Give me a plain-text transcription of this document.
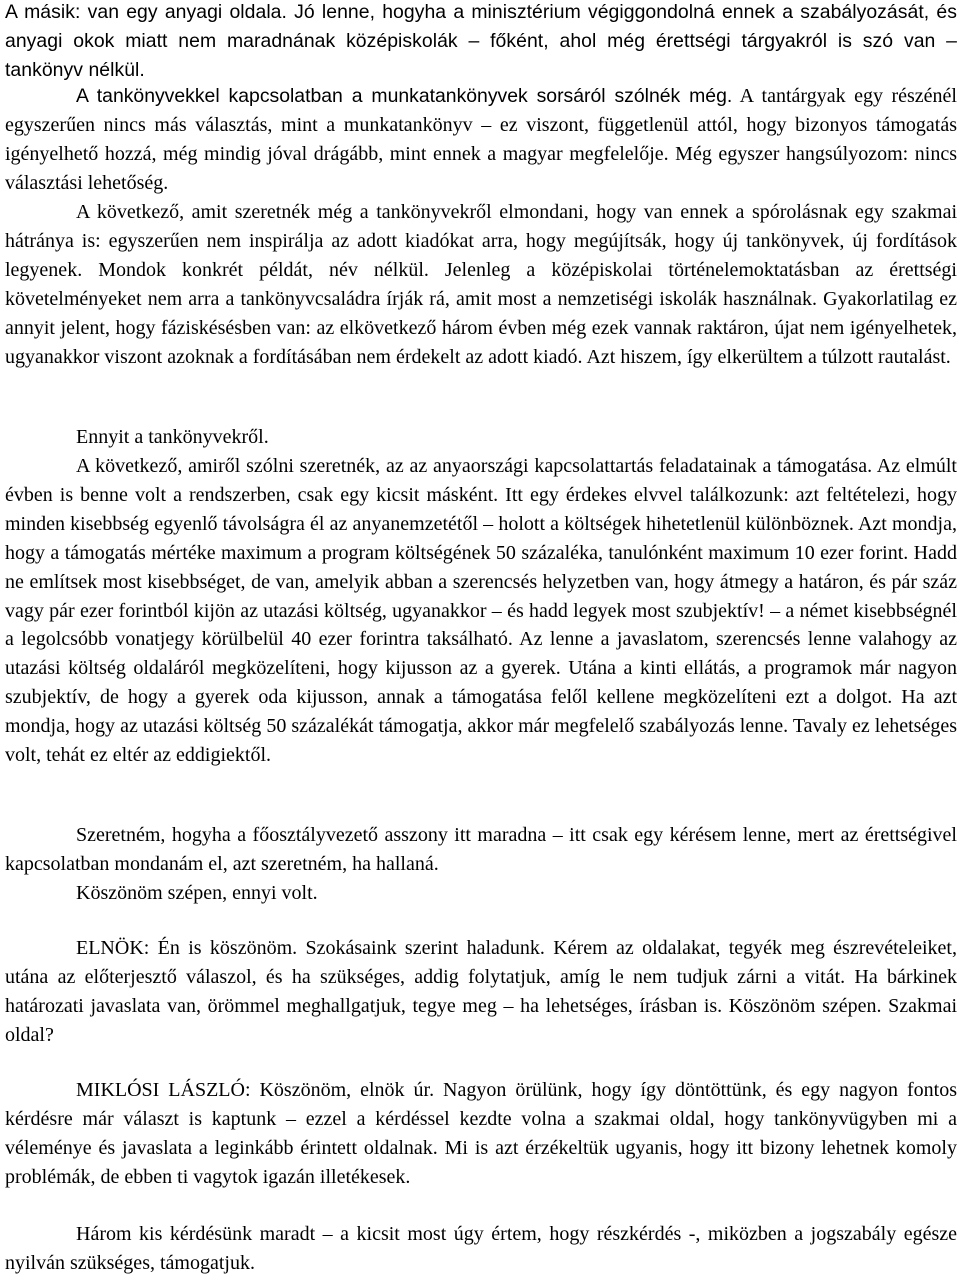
A másik: van egy anyagi oldala. Jó lenne, hogyha a minisztérium végiggondolná ennek a szabályozását, és anyagi okok miatt nem maradnának középiskolák – főként, ahol még érettségi tárgyakról is szó van – tankönyv nélkül.

A tankönyvekkel kapcsolatban a munkatankönyvek sorsáról szólnék még. A tantárgyak egy részénél egyszerűen nincs más választás, mint a munkatankönyv – ez viszont, függetlenül attól, hogy bizonyos támogatás igényelhető hozzá, még mindig jóval drágább, mint ennek a magyar megfelelője. Még egyszer hangsúlyozom: nincs választási lehetőség.

A következő, amit szeretnék még a tankönyvekről elmondani, hogy van ennek a spórolásnak egy szakmai hátránya is: egyszerűen nem inspirálja az adott kiadókat arra, hogy megújítsák, hogy új tankönyvek, új fordítások legyenek. Mondok konkrét példát, név nélkül. Jelenleg a középiskolai történelemoktatásban az érettségi követelményeket nem arra a tankönyvcsaládra írják rá, amit most a nemzetiségi iskolák használnak. Gyakorlatilag ez annyit jelent, hogy fáziskésésben van: az elkövetkező három évben még ezek vannak raktáron, újat nem igényelhetek, ugyanakkor viszont azoknak a fordításában nem érdekelt az adott kiadó. Azt hiszem, így elkerültem a túlzott rautalást.

Ennyit a tankönyvekről.

A következő, amiről szólni szeretnék, az az anyaországi kapcsolattartás feladatainak a támogatása. Az elmúlt évben is benne volt a rendszerben, csak egy kicsit másként. Itt egy érdekes elvvel találkozunk: azt feltételezi, hogy minden kisebbség egyenlő távolságra él az anyanemzetétől – holott a költségek hihetetlenül különböznek. Azt mondja, hogy a támogatás mértéke maximum a program költségének 50 százaléka, tanulónként maximum 10 ezer forint. Hadd ne említsek most kisebbséget, de van, amelyik abban a szerencsés helyzetben van, hogy átmegy a határon, és pár száz vagy pár ezer forintból kijön az utazási költség, ugyanakkor – és hadd legyek most szubjektív! – a német kisebbségnél a legolcsóbb vonatjegy körülbelül 40 ezer forintra taksálható. Az lenne a javaslatom, szerencsés lenne valahogy az utazási költség oldaláról megközelíteni, hogy kijusson az a gyerek. Utána a kinti ellátás, a programok már nagyon szubjektív, de hogy a gyerek oda kijusson, annak a támogatása felől kellene megközelíteni ezt a dolgot. Ha azt mondja, hogy az utazási költség 50 százalékát támogatja, akkor már megfelelő szabályozás lenne. Tavaly ez lehetséges volt, tehát ez eltér az eddigiektől.

Szeretném, hogyha a főosztályvezető asszony itt maradna – itt csak egy kérésem lenne, mert az érettségivel kapcsolatban mondanám el, azt szeretném, ha hallaná.

Köszönöm szépen, ennyi volt.

ELNÖK: Én is köszönöm. Szokásaink szerint haladunk. Kérem az oldalakat, tegyék meg észrevételeiket, utána az előterjesztő válaszol, és ha szükséges, addig folytatjuk, amíg le nem tudjuk zárni a vitát. Ha bárkinek határozati javaslata van, örömmel meghallgatjuk, tegye meg – ha lehetséges, írásban is. Köszönöm szépen. Szakmai oldal?

MIKLÓSI LÁSZLÓ: Köszönöm, elnök úr. Nagyon örülünk, hogy így döntöttünk, és egy nagyon fontos kérdésre már választ is kaptunk – ezzel a kérdéssel kezdte volna a szakmai oldal, hogy tankönyvügyben mi a véleménye és javaslata a leginkább érintett oldalnak. Mi is azt érzékeltük ugyanis, hogy itt bizony lehetnek komoly problémák, de ebben ti vagytok igazán illetékesek.

Három kis kérdésünk maradt – a kicsit most úgy értem, hogy részkérdés -, miközben a jogszabály egésze nyilván szükséges, támogatjuk.
